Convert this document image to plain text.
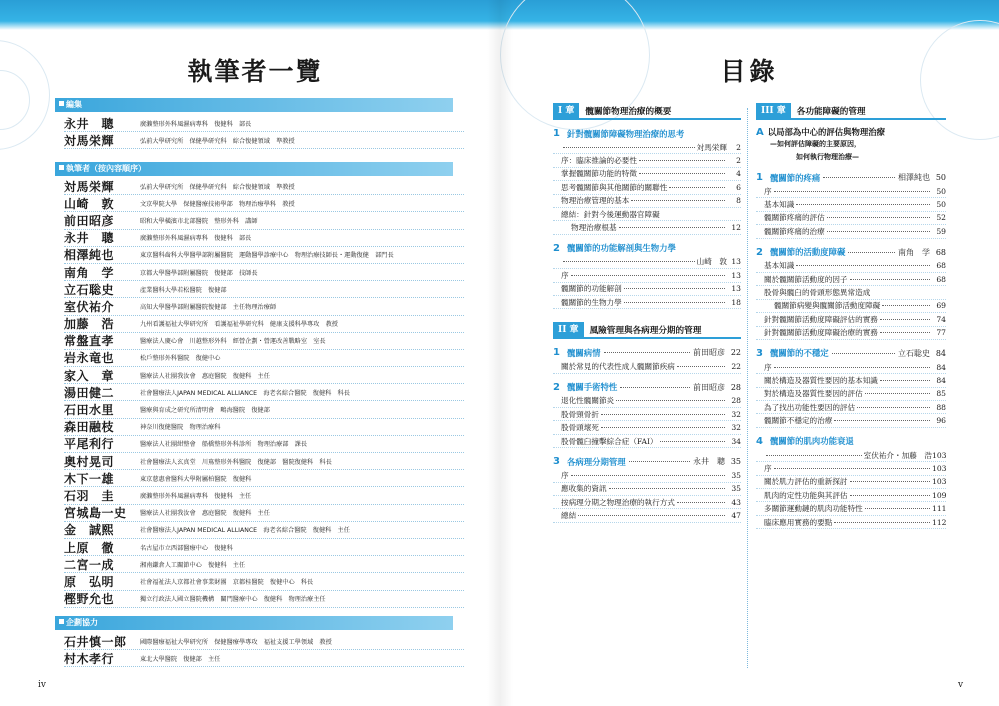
執筆者一覽
編集
永井　聰	廣瀨整形外科風濕病專科　復健科　部長
対馬栄輝	弘前大學研究所　保健學研究科　綜合復健領域　準教授
執筆者（按內容順序）
対馬栄輝	弘前大學研究所　保健學研究科　綜合復健領域　準教授
山崎　敦	文京學院大學　保健醫療技術學部　物理治療學科　教授
前田昭彦	昭和大學橫濱市北部醫院　整形外科　講師
永井　聰	廣瀨整形外科風濕病專科　復健科　部長
相澤純也	東京醫科齒科大學醫學部附屬醫院　運動醫學診療中心　物理治療技師長・運動復健　部門長
南角　学	京都大學醫學部附屬醫院　復健部　技師長
立石聡史	產業醫科大學若松醫院　復健部
室伏祐介	高知大學醫學部附屬醫院復健部　主任物理治療師
加藤　浩	九州看護福祉大學研究所　看護福祉學研究科　健康支援科學專攻　教授
常盤直孝	醫療法人慶心會　川越整形外科　經營企劃・營運改善戰略室　室長
岩永竜也	松戶整形外科醫院　復健中心
家入　章	醫療法人社團我汝會　惠庭醫院　復健科　主任
湯田健二	社會醫療法人JAPAN MEDICAL ALLIANCE　海老名綜合醫院　復健科　科長
石田水里	醫療與育成之研究所清明會　鴫海醫院　復健部
森田融枝	神奈川復健醫院　物理治療科
平尾利行	醫療法人社團紺整會　船橋整形外科診所　物理治療部　課長
奥村晃司	社會醫療法人玄真堂　川嶌整形外科醫院　復健部　醫院復健科　科長
木下一雄	東京慈惠會醫科大學附屬柏醫院　復健科
石羽　圭	廣瀨整形外科風濕病專科　復健科　主任
宮城島一史	醫療法人社團我汝會　惠庭醫院　復健科　主任
金　誠熙	社會醫療法人JAPAN MEDICAL ALLIANCE　海老名綜合醫院　復健科　主任
上原　徹	名古屋市立西部醫療中心　復健科
二宮一成	湘南鎌倉人工關節中心　復健科　主任
原　弘明	社會福祉法人京都社會事業財團　京都桂醫院　復健中心　科長
樫野允也	獨立行政法人國立醫院機構　關門醫療中心　復健科　物理治療主任
企劃協力
石井慎一郎	國際醫療福祉大學研究所　保健醫療學專攻　福祉支援工學領域　教授
村木孝行	東北大學醫院　復健部　主任
iv
目錄
I 章	髖關節物理治療的概要
1 針對髖關節障礙物理治療的思考
対馬栄輝	2
序：臨床推論的必要性	2
掌握髖關節功能的特徵	4
思考髖關節與其他關節的關聯性	6
物理治療管理的基本	8
總結：針對今後運動器官障礙
物理治療根基	12
2 髖關節的功能解剖與生物力學
山崎　敦 13
序	13
髖關節的功能解剖	13
髖關節的生物力學	18
II 章	風險管理與各病理分期的管理
1 髖關病情	前田昭彦 22
關於常見的代表性成人髖關節疾病	22
2 髖關手術特性	前田昭彦 28
退化性髖關節炎	28
股骨頸骨折	32
股骨頭壞死	32
股骨髖臼撞擊綜合症（FAI）	34
3 各病理分期管理	永井　聰 35
序	35
應收集的資訊	35
按病理分期之物理治療的執行方式	43
總結	47
III 章	各功能障礙的管理
A 以局部為中心的評估與物理治療
—如何評估障礙的主要原因，
如何執行物理治療—
1 髖關節的疼痛	相澤純也 50
序	50
基本知識	50
髖關節疼痛的評估	52
髖關節疼痛的治療	59
2 髖關節的活動度障礙	南角　学 68
基本知識	68
關於髖關節活動度的因子	68
股骨與髖臼的骨頭形態異常造成
髖關節病變與髖關節活動度障礙	69
針對髖關節活動度障礙評估的實務	74
針對髖關節活動度障礙治療的實務	77
3 髖關節的不穩定	立石聡史 84
序	84
關於構造及器質性要因的基本知識	84
對於構造及器質性要因的評估	85
為了找出功能性要因的評估	88
髖關節不穩定的治療	96
4 髖關節的肌肉功能衰退
室伏祐介・加藤　浩 103
序	103
關於肌力評估的重新探討	103
肌肉的定性功能與其評估	109
多關節運動鏈的肌肉功能特性	111
臨床應用實務的要點	112
v
